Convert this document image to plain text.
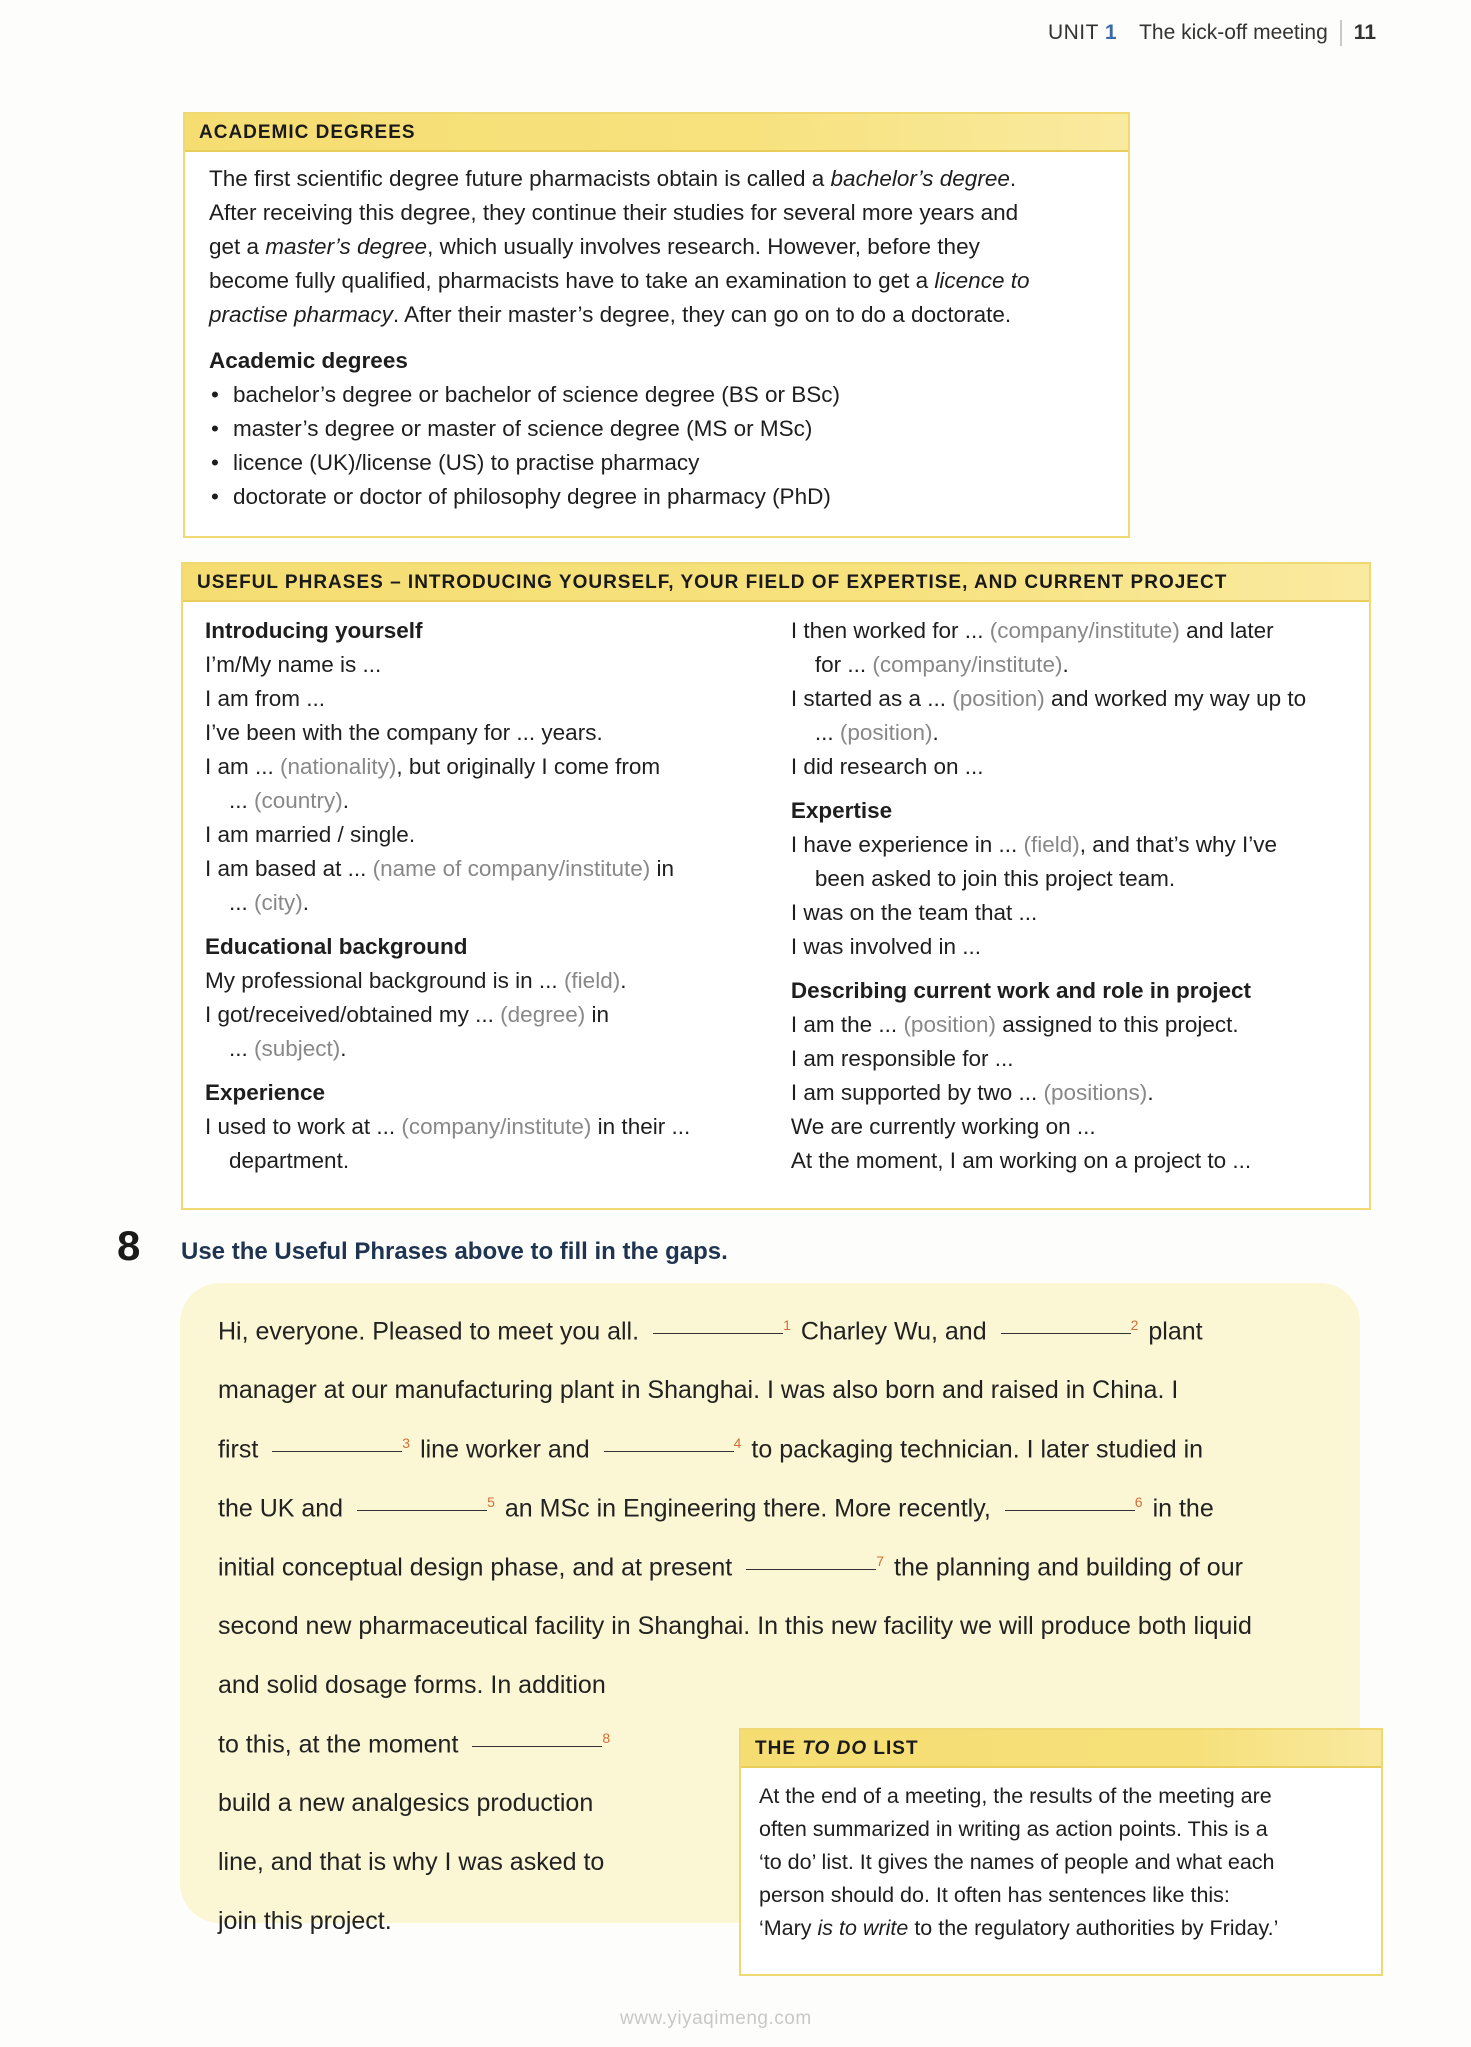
UNIT 1 The kick-off meeting 11
ACADEMIC DEGREES

The first scientific degree future pharmacists obtain is called a bachelor’s degree.
After receiving this degree, they continue their studies for several more years and
get a master’s degree, which usually involves research. However, before they
become fully qualified, pharmacists have to take an examination to get a licence to
practise pharmacy. After their master’s degree, they can go on to do a doctorate.

Academic degrees
• bachelor’s degree or bachelor of science degree (BS or BSc)
• master’s degree or master of science degree (MS or MSc)
• licence (UK)/license (US) to practise pharmacy
• doctorate or doctor of philosophy degree in pharmacy (PhD)
USEFUL PHRASES – INTRODUCING YOURSELF, YOUR FIELD OF EXPERTISE, AND CURRENT PROJECT
Introducing yourself
I’m/My name is ...
I am from ...
I’ve been with the company for ... years.
I am ... (nationality), but originally I come from
... (country).
I am married / single.
I am based at ... (name of company/institute) in
... (city).
Educational background
My professional background is in ... (field).
I got/received/obtained my ... (degree) in
... (subject).
Experience
I used to work at ... (company/institute) in their ...
department.
I then worked for ... (company/institute) and later
for ... (company/institute).
I started as a ... (position) and worked my way up to
... (position).
I did research on ...
Expertise
I have experience in ... (field), and that’s why I’ve
been asked to join this project team.
I was on the team that ...
I was involved in ...
Describing current work and role in project
I am the ... (position) assigned to this project.
I am responsible for ...
I am supported by two ... (positions).
We are currently working on ...
At the moment, I am working on a project to ...
8 Use the Useful Phrases above to fill in the gaps.
Hi, everyone. Pleased to meet you all.	$^1$ Charley Wu, and	$^2$ plant
manager at our manufacturing plant in Shanghai. I was also born and raised in China. I
first	$^3$ line worker and	$^4$ to packaging technician. I later studied in
the UK and	$^5$ an MSc in Engineering there. More recently,	$^6$ in the
initial conceptual design phase, and at present	$^7$ the planning and building of our
second new pharmaceutical facility in Shanghai. In this new facility we will produce both liquid
and solid dosage forms. In addition
to this, at the moment	$^8$
build a new analgesics production
line, and that is why I was asked to
join this project.
THE TO DO LIST

At the end of a meeting, the results of the meeting are
often summarized in writing as action points. This is a
‘to do’ list. It gives the names of people and what each
person should do. It often has sentences like this:
‘Mary is to write to the regulatory authorities by Friday.’

www.yiyaqimeng.com
